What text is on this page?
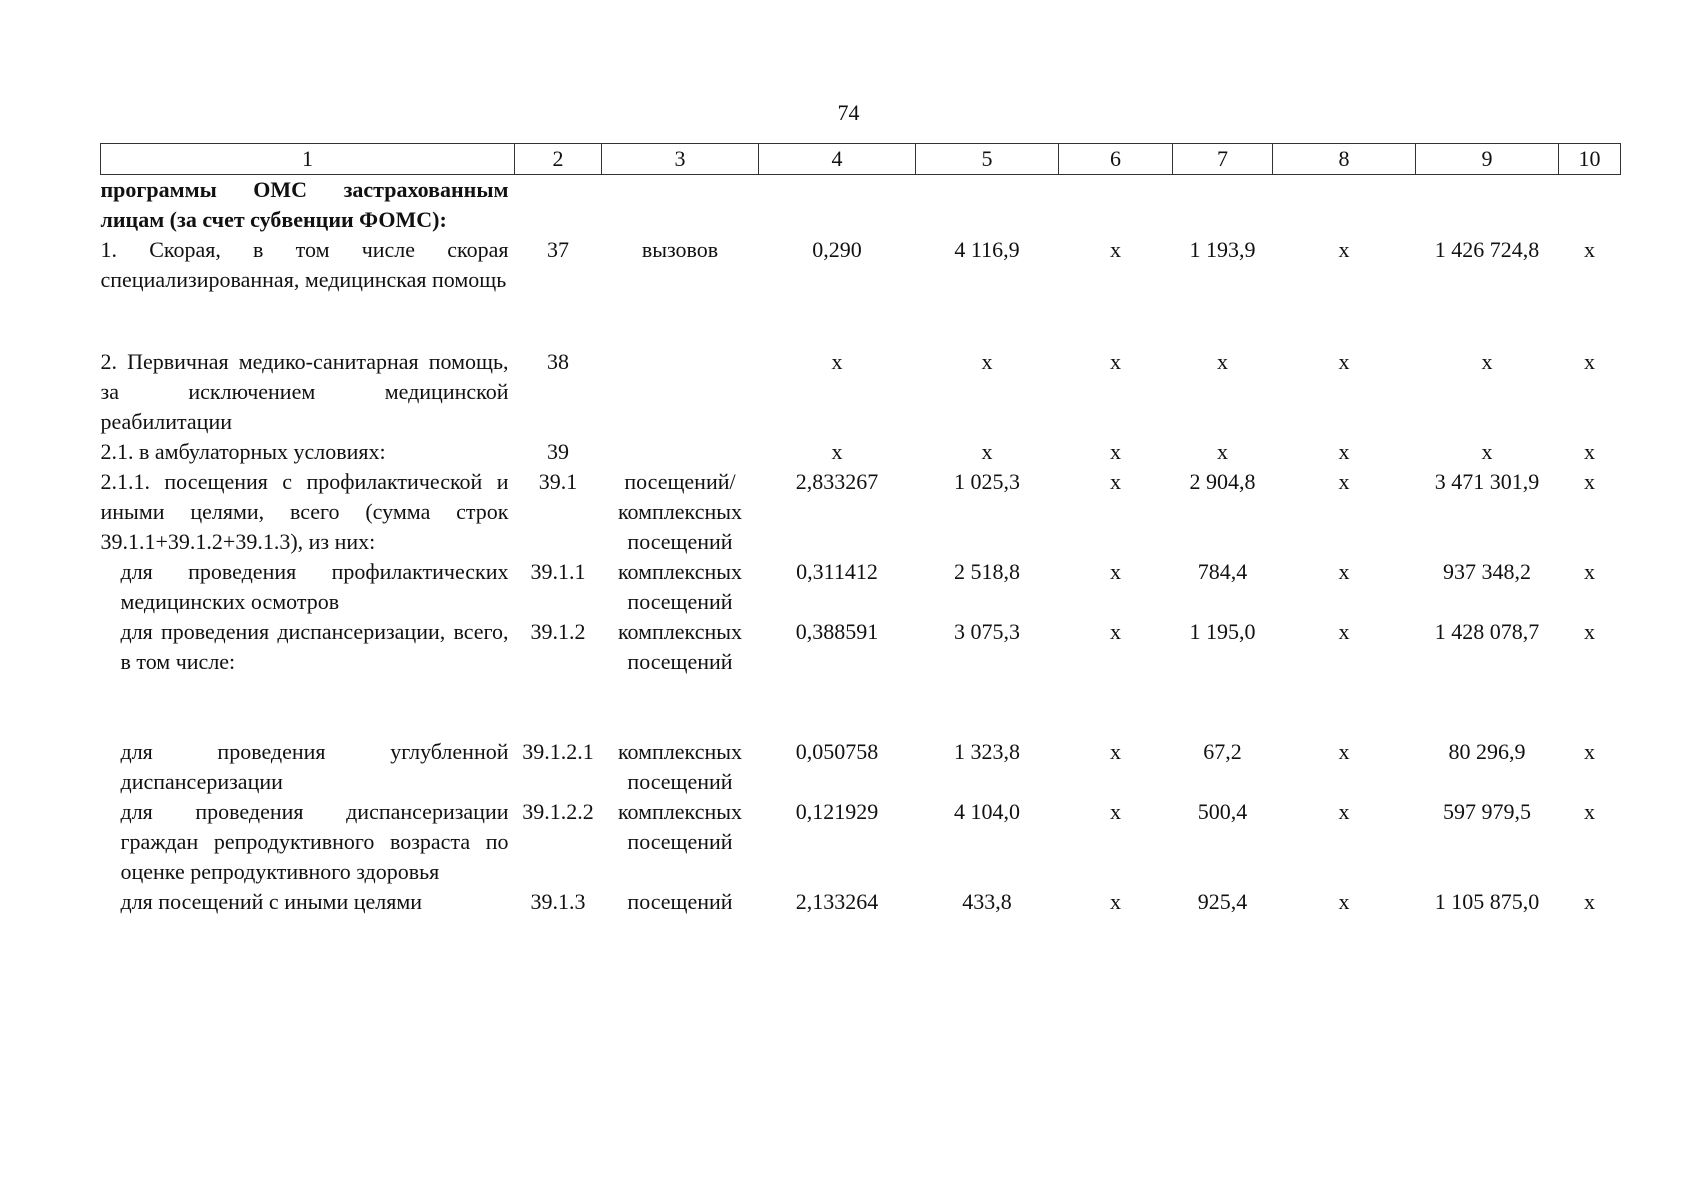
74
1	2	3	4	5	6	7	8	9	10
программы ОМС застрахованным лицам (за счет субвенции ФОМС):									
1. Скорая, в том числе скорая специализированная, медицинская помощь	37	вызовов	0,290	4 116,9	х	1 193,9	х	1 426 724,8	х
2. Первичная медико-санитарная помощь, за исключением медицинской реабилитации	38		х	х	х	х	х	х	х
2.1. в амбулаторных условиях:	39		х	х	х	х	х	х	х
2.1.1. посещения с профилактической и иными целями, всего (сумма строк 39.1.1+39.1.2+39.1.3), из них:	39.1	посещений/ комплексных посещений	2,833267	1 025,3	х	2 904,8	х	3 471 301,9	х
для проведения профилактических медицинских осмотров	39.1.1	комплексных посещений	0,311412	2 518,8	х	784,4	х	937 348,2	х
для проведения диспансеризации, всего, в том числе:	39.1.2	комплексных посещений	0,388591	3 075,3	х	1 195,0	х	1 428 078,7	х
для проведения углубленной диспансеризации	39.1.2.1	комплексных посещений	0,050758	1 323,8	х	67,2	х	80 296,9	х
для проведения диспансеризации граждан репродуктивного возраста по оценке репродуктивного здоровья	39.1.2.2	комплексных посещений	0,121929	4 104,0	х	500,4	х	597 979,5	х
для посещений с иными целями	39.1.3	посещений	2,133264	433,8	х	925,4	х	1 105 875,0	х
